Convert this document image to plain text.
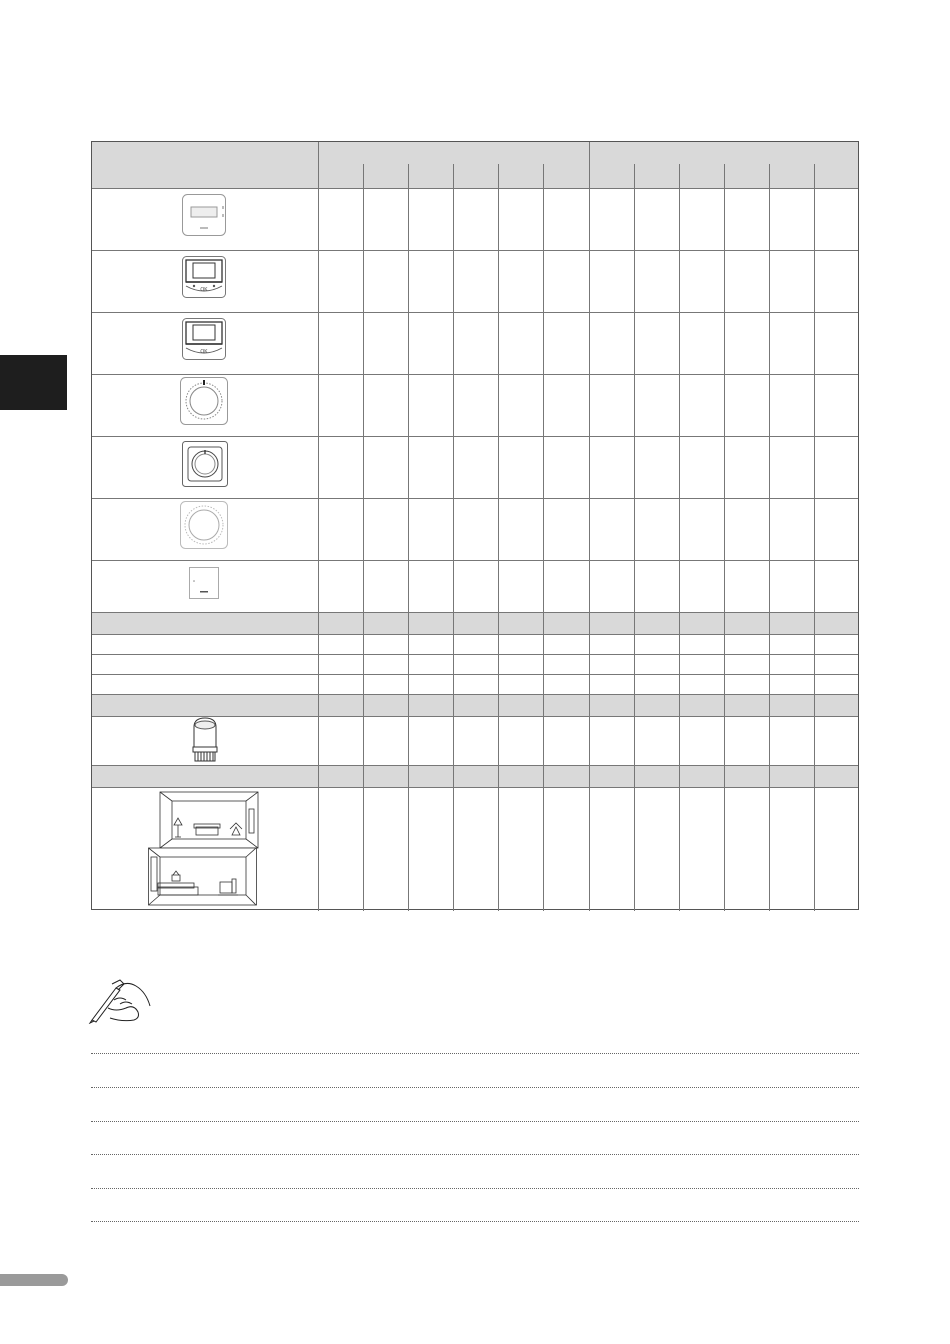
OK
OK
